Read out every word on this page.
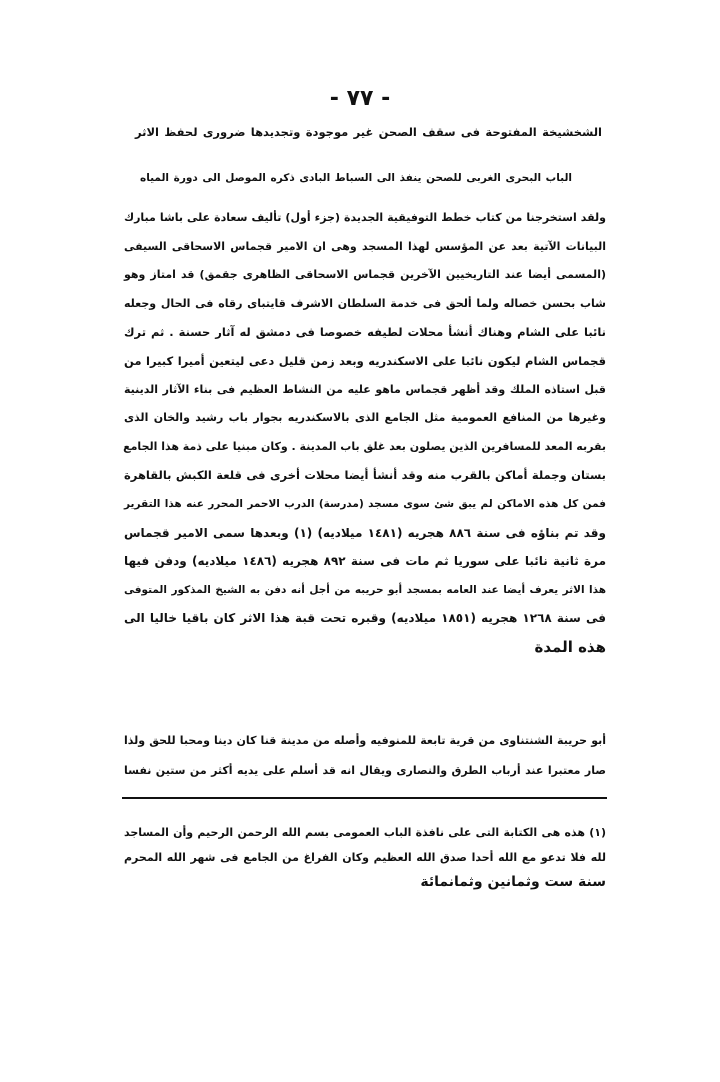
- ٧٧ -
الشخشيخة المفتوحة فى سقف الصحن غير موجودة وتجديدها ضرورى لحفظ الاثر
الباب البحرى الغربى للصحن ينفذ الى السباط البادى ذكره الموصل الى دورة المياه
ولقد استخرجنا من كتاب خطط التوفيقية الجديدة (جزء أول) تأليف سعادة على باشا مبارك
البيانات الآتية بعد عن المؤسس لهذا المسجد وهى ان الامير قجماس الاسحاقى السيفى
(المسمى أيضا عند التاريخيين الآخرين قجماس الاسحاقى الظاهرى جقمق) قد امتاز وهو
شاب بحسن خصاله ولما ألحق فى خدمة السلطان الاشرف قايتباى رقاه فى الحال وجعله
نائبا على الشام وهناك أنشأ محلات لطيفه خصوصا فى دمشق له آثار حسنة . ثم ترك
قجماس الشام ليكون نائبا على الاسكندريه وبعد زمن قليل دعى ليتعين أميرا كبيرا من
قبل استاذه الملك وقد أظهر قجماس ماهو عليه من النشاط العظيم فى بناء الآثار الدينية
وغيرها من المنافع العمومية مثل الجامع الذى بالاسكندريه بجوار باب رشيد والخان الذى
بقربه المعد للمسافرين الذين يصلون بعد غلق باب المدينة . وكان مبنيا على ذمة هذا الجامع
بستان وجملة أماكن بالقرب منه وقد أنشأ أيضا محلات أخرى فى قلعة الكبش بالقاهرة
فمن كل هذه الاماكن لم يبق شئ سوى مسجد (مدرسة) الدرب الاحمر المحرر عنه هذا التقرير
وقد تم بناؤه فى سنة ٨٨٦ هجريه (١٤٨١ ميلاديه) (١) وبعدها سمى الامير قجماس
مرة ثانية نائبا على سوريا ثم مات فى سنة ٨٩٢ هجريه (١٤٨٦ ميلاديه) ودفن فيها
هذا الاثر يعرف أيضا عند العامه بمسجد أبو حريبه من أجل أنه دفن به الشيخ المذكور المتوفى
فى سنة ١٢٦٨ هجريه (١٨٥١ ميلاديه) وقبره تحت قبة هذا الاثر كان باقيا خاليا الى
هذه المدة
أبو حريبة الشنتناوى من قرية تابعة للمنوفيه وأصله من مدينة قنا كان دينا ومحبا للحق ولذا
صار معتبرا عند أرباب الطرق والنصارى ويقال انه قد أسلم على يديه أكثر من ستين نفسا
(١) هذه هى الكتابة التى على نافذة الباب العمومى بسم الله الرحمن الرحيم وأن المساجد
لله فلا تدعو مع الله أحدا صدق الله العظيم وكان الفراغ من الجامع فى شهر الله المحرم
سنة ست وثمانين وثمانمائة
